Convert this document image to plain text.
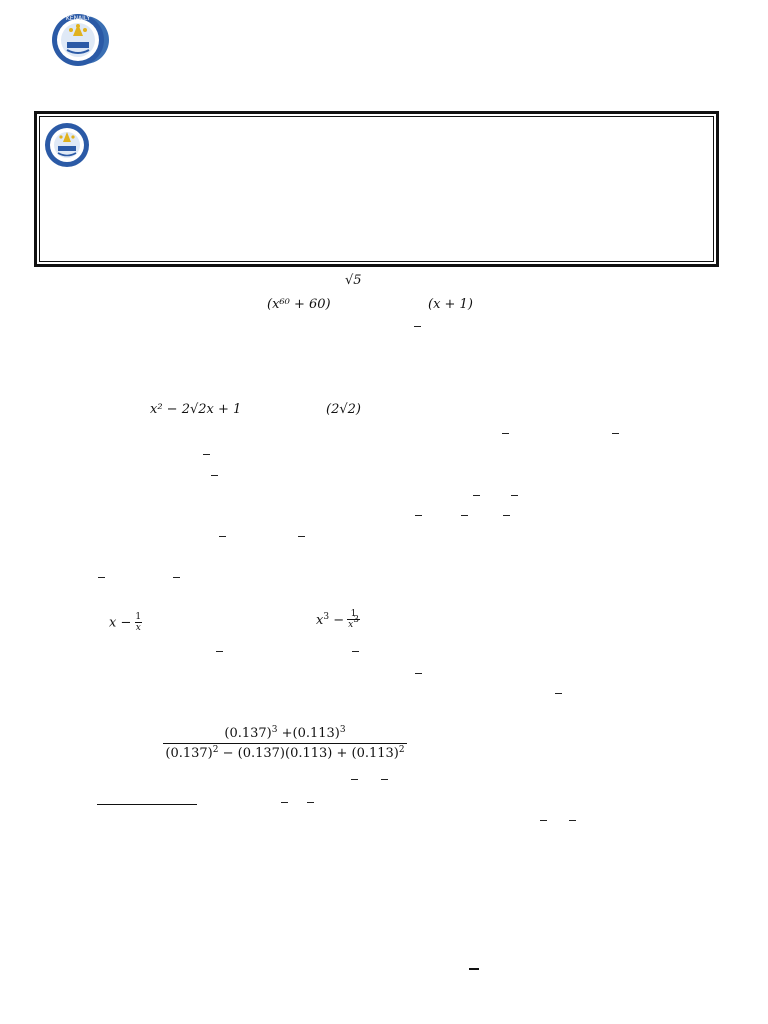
KENAILY
√5
(x⁶⁰ + 60)	(x + 1)
x² − 2√2x + 1	(2√2)
$x - \frac{1}{x}$	$x^3 - \frac{1}{x^3}$
$\frac{(0.137)^3 +(0.113)^3}{(0.137)^2 - (0.137)(0.113) + (0.113)^2}$
